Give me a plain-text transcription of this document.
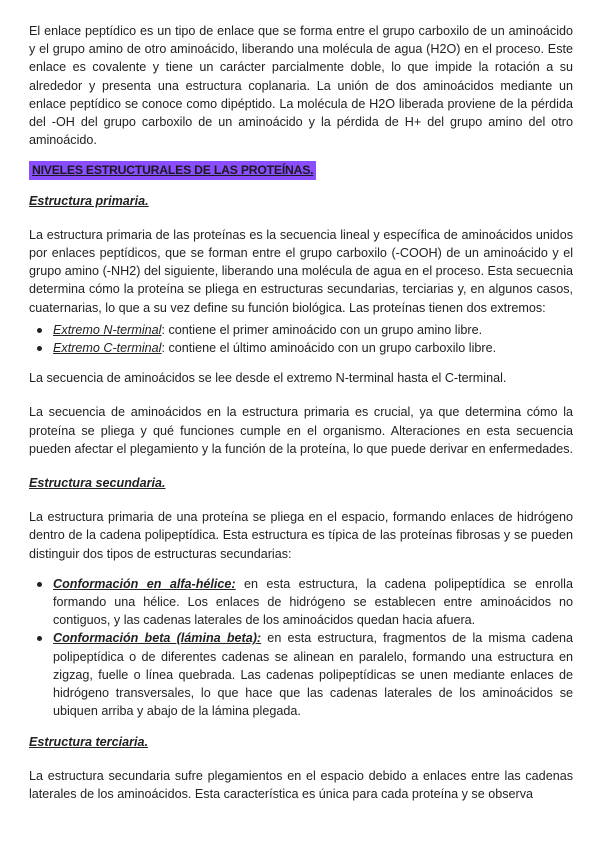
El enlace peptídico es un tipo de enlace que se forma entre el grupo carboxilo de un aminoácido y el grupo amino de otro aminoácido, liberando una molécula de agua (H2O) en el proceso. Este enlace es covalente y tiene un carácter parcialmente doble, lo que impide la rotación a su alrededor y presenta una estructura coplanaria. La unión de dos aminoácidos mediante un enlace peptídico se conoce como dipéptido. La molécula de H2O liberada proviene de la pérdida del -OH del grupo carboxilo de un aminoácido y la pérdida de H+ del grupo amino del otro aminoácido.

NIVELES ESTRUCTURALES DE LAS PROTEÍNAS.

Estructura primaria.

La estructura primaria de las proteínas es la secuencia lineal y específica de aminoácidos unidos por enlaces peptídicos, que se forman entre el grupo carboxilo (-COOH) de un aminoácido y el grupo amino (-NH2) del siguiente, liberando una molécula de agua en el proceso. Esta secuecnia determina cómo la proteína se pliega en estructuras secundarias, terciarias y, en algunos casos, cuaternarias, lo que a su vez define su función biológica. Las proteínas tienen dos extremos:

Extremo N-terminal: contiene el primer aminoácido con un grupo amino libre.
Extremo C-terminal: contiene el último aminoácido con un grupo carboxilo libre.

La secuencia de aminoácidos se lee desde el extremo N-terminal hasta el C-terminal.

La secuencia de aminoácidos en la estructura primaria es crucial, ya que determina cómo la proteína se pliega y qué funciones cumple en el organismo. Alteraciones en esta secuencia pueden afectar el plegamiento y la función de la proteína, lo que puede derivar en enfermedades.

Estructura secundaria.

La estructura primaria de una proteína se pliega en el espacio, formando enlaces de hidrógeno dentro de la cadena polipeptídica. Esta estructura es típica de las proteínas fibrosas y se pueden distinguir dos tipos de estructuras secundarias:

Conformación en alfa-hélice: en esta estructura, la cadena polipeptídica se enrolla formando una hélice. Los enlaces de hidrógeno se establecen entre aminoácidos no contiguos, y las cadenas laterales de los aminoácidos quedan hacia afuera.
Conformación beta (lámina beta): en esta estructura, fragmentos de la misma cadena polipeptídica o de diferentes cadenas se alinean en paralelo, formando una estructura en zigzag, fuelle o línea quebrada. Las cadenas polipeptídicas se unen mediante enlaces de hidrógeno transversales, lo que hace que las cadenas laterales de los aminoácidos se ubiquen arriba y abajo de la lámina plegada.

Estructura terciaria.

La estructura secundaria sufre plegamientos en el espacio debido a enlaces entre las cadenas laterales de los aminoácidos. Esta característica es única para cada proteína y se observa
